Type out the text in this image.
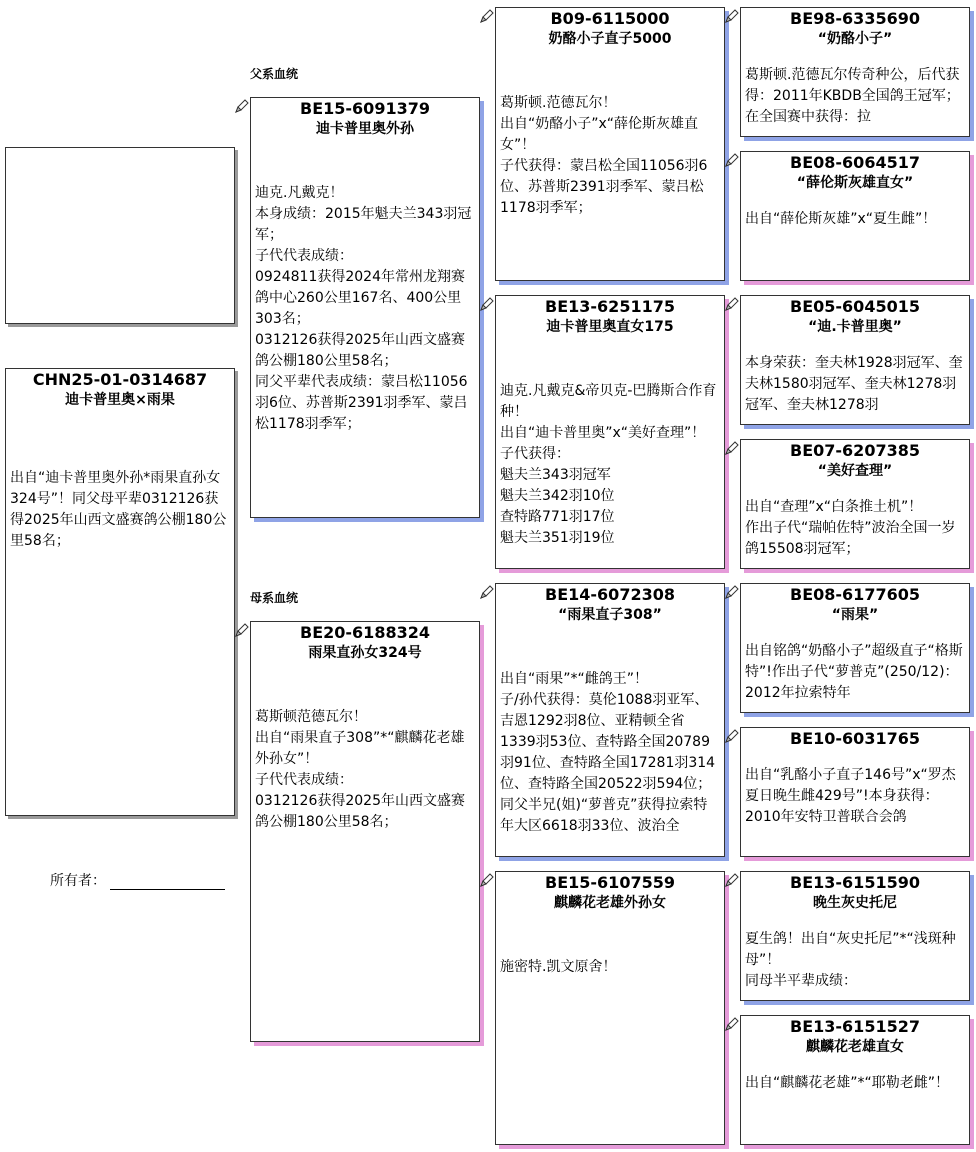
CHN25-01-0314687
迪卡普里奥×雨果
出自“迪卡普里奥外孙*雨果直孙女324号”！同父母平辈0312126获得2025年山西文盛赛鸽公棚180公里58名；
所有者：
父系血统
母系血统
BE15-6091379
迪卡普里奥外孙
迪克.凡戴克！
本身成绩：2015年魁夫兰343羽冠军；
子代代表成绩：
0924811获得2024年常州龙翔赛鸽中心260公里167名、400公里303名；
0312126获得2025年山西文盛赛鸽公棚180公里58名；
同父平辈代表成绩：蒙吕松11056羽6位、苏普斯2391羽季军、蒙吕松1178羽季军；
BE20-6188324
雨果直孙女324号
葛斯顿范德瓦尔！
出自“雨果直子308”*“麒麟花老雄外孙女”！
子代代表成绩：
0312126获得2025年山西文盛赛鸽公棚180公里58名；
B09-6115000
奶酪小子直子5000
葛斯顿.范德瓦尔！
出自“奶酪小子”x“薛伦斯灰雄直女”！
子代获得：蒙吕松全国11056羽6位、苏普斯2391羽季军、蒙吕松1178羽季军；
BE13-6251175
迪卡普里奥直女175
迪克.凡戴克&帝贝克-巴腾斯合作育种！
出自“迪卡普里奥”x“美好查理”！
子代获得：
魁夫兰343羽冠军
魁夫兰342羽10位
查特路771羽17位
魁夫兰351羽19位
BE14-6072308
“雨果直子308”
出自“雨果”*“雌鸽王”！
子/孙代获得：莫伦1088羽亚军、吉恩1292羽8位、亚精顿全省1339羽53位、查特路全国20789羽91位、查特路全国17281羽314位、查特路全国20522羽594位；
同父半兄(姐)“萝普克”获得拉索特年大区6618羽33位、波治全
BE15-6107559
麒麟花老雄外孙女
施密特.凯文原舍！
BE98-6335690
“奶酪小子”
葛斯顿.范德瓦尔传奇种公，后代获得：2011年KBDB全国鸽王冠军；在全国赛中获得：拉
BE08-6064517
“薛伦斯灰雄直女”
出自“薛伦斯灰雄”x“夏生雌”！
BE05-6045015
“迪.卡普里奥”
本身荣获：奎夫林1928羽冠军、奎夫林1580羽冠军、奎夫林1278羽冠军、奎夫林1278羽
BE07-6207385
“美好查理”
出自“查理”x“白条推土机”！
作出子代“瑞帕佐特”波治全国一岁鸽15508羽冠军；
BE08-6177605
“雨果”
出自铭鸽“奶酪小子”超级直子“格斯特”!作出子代“萝普克”(250/12)：2012年拉索特年
BE10-6031765
出自“乳酪小子直子146号”x“罗杰夏日晚生雌429号”!本身获得：2010年安特卫普联合会鸽
BE13-6151590
晚生灰史托尼
夏生鸽！出自“灰史托尼”*“浅斑种母”！
同母半平辈成绩：
BE13-6151527
麒麟花老雄直女
出自“麒麟花老雄”*“耶勒老雌”！
